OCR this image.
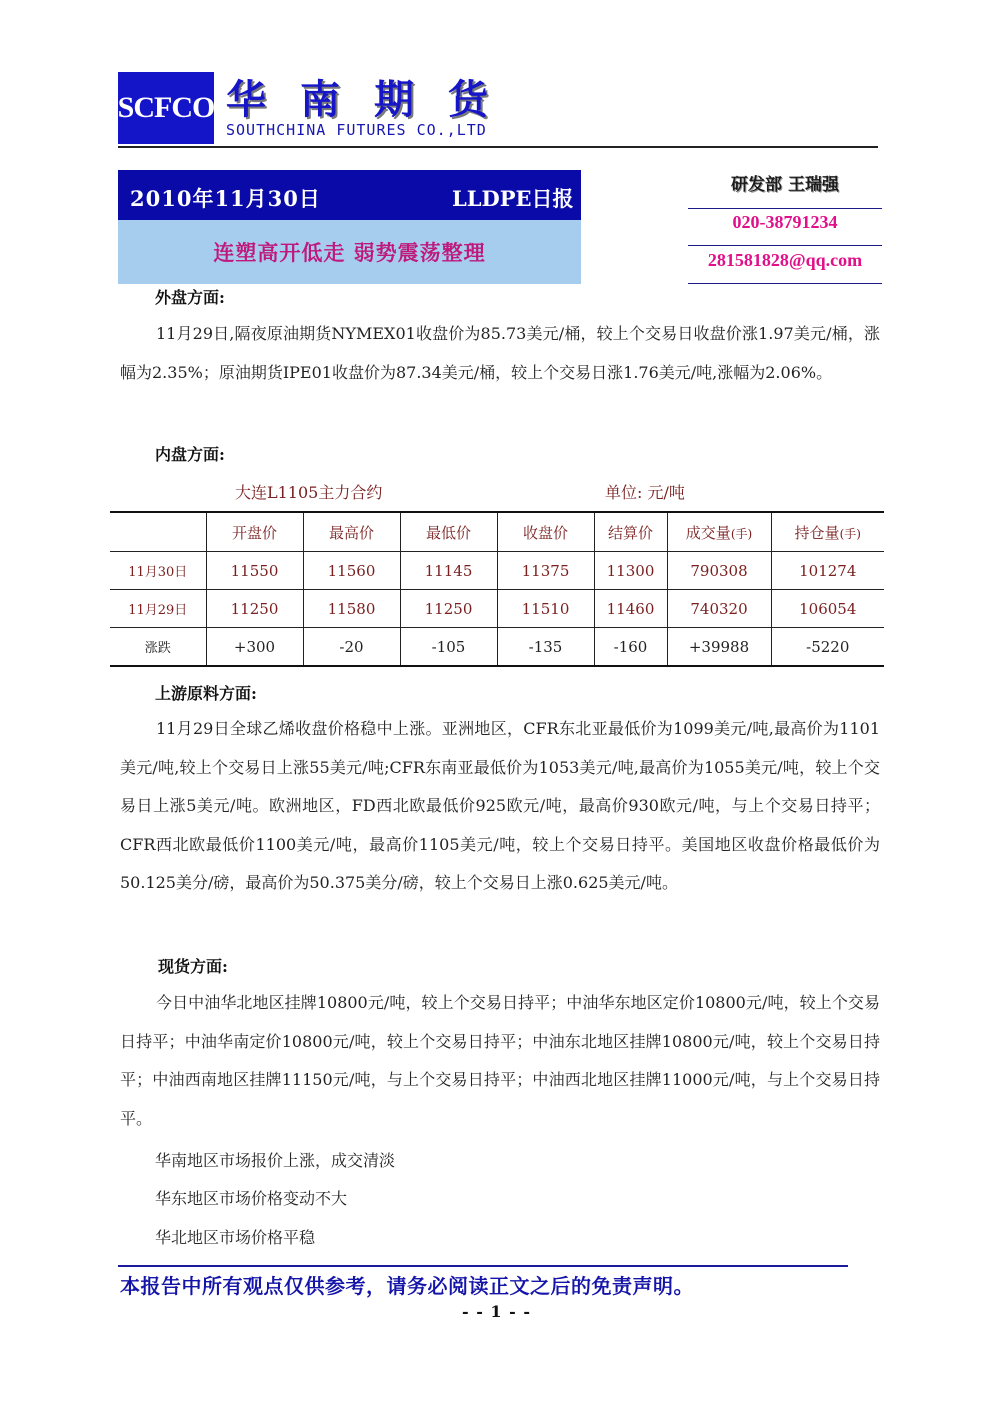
SCFCO 华南期货
SOUTHCHINA FUTURES CO.,LTD
2010年11月30日	LLDPE日报
连塑高开低走 弱势震荡整理
研发部 王瑞强
020-38791234
281581828@qq.com
外盘方面:
11月29日,隔夜原油期货NYMEX01收盘价为85.73美元/桶，较上个交易日收盘价涨1.97美元/桶，涨幅为2.35%；原油期货IPE01收盘价为87.34美元/桶，较上个交易日涨1.76美元/吨,涨幅为2.06%。
内盘方面:
大连L1105主力合约	单位: 元/吨
	开盘价	最高价	最低价	收盘价	结算价	成交量(手)	持仓量(手)
11月30日	11550	11560	11145	11375	11300	790308	101274
11月29日	11250	11580	11250	11510	11460	740320	106054
涨跌	+300	-20	-105	-135	-160	+39988	-5220
上游原料方面:
11月29日全球乙烯收盘价格稳中上涨。亚洲地区，CFR东北亚最低价为1099美元/吨,最高价为1101美元/吨,较上个交易日上涨55美元/吨;CFR东南亚最低价为1053美元/吨,最高价为1055美元/吨，较上个交易日上涨5美元/吨。欧洲地区，FD西北欧最低价925欧元/吨，最高价930欧元/吨，与上个交易日持平；CFR西北欧最低价1100美元/吨，最高价1105美元/吨，较上个交易日持平。美国地区收盘价格最低价为50.125美分/磅，最高价为50.375美分/磅，较上个交易日上涨0.625美元/吨。
现货方面:
今日中油华北地区挂牌10800元/吨，较上个交易日持平；中油华东地区定价10800元/吨，较上个交易日持平；中油华南定价10800元/吨，较上个交易日持平；中油东北地区挂牌10800元/吨，较上个交易日持平；中油西南地区挂牌11150元/吨，与上个交易日持平；中油西北地区挂牌11000元/吨，与上个交易日持平。
华南地区市场报价上涨，成交清淡
华东地区市场价格变动不大
华北地区市场价格平稳
本报告中所有观点仅供参考，请务必阅读正文之后的免责声明。
- - 1 - -
